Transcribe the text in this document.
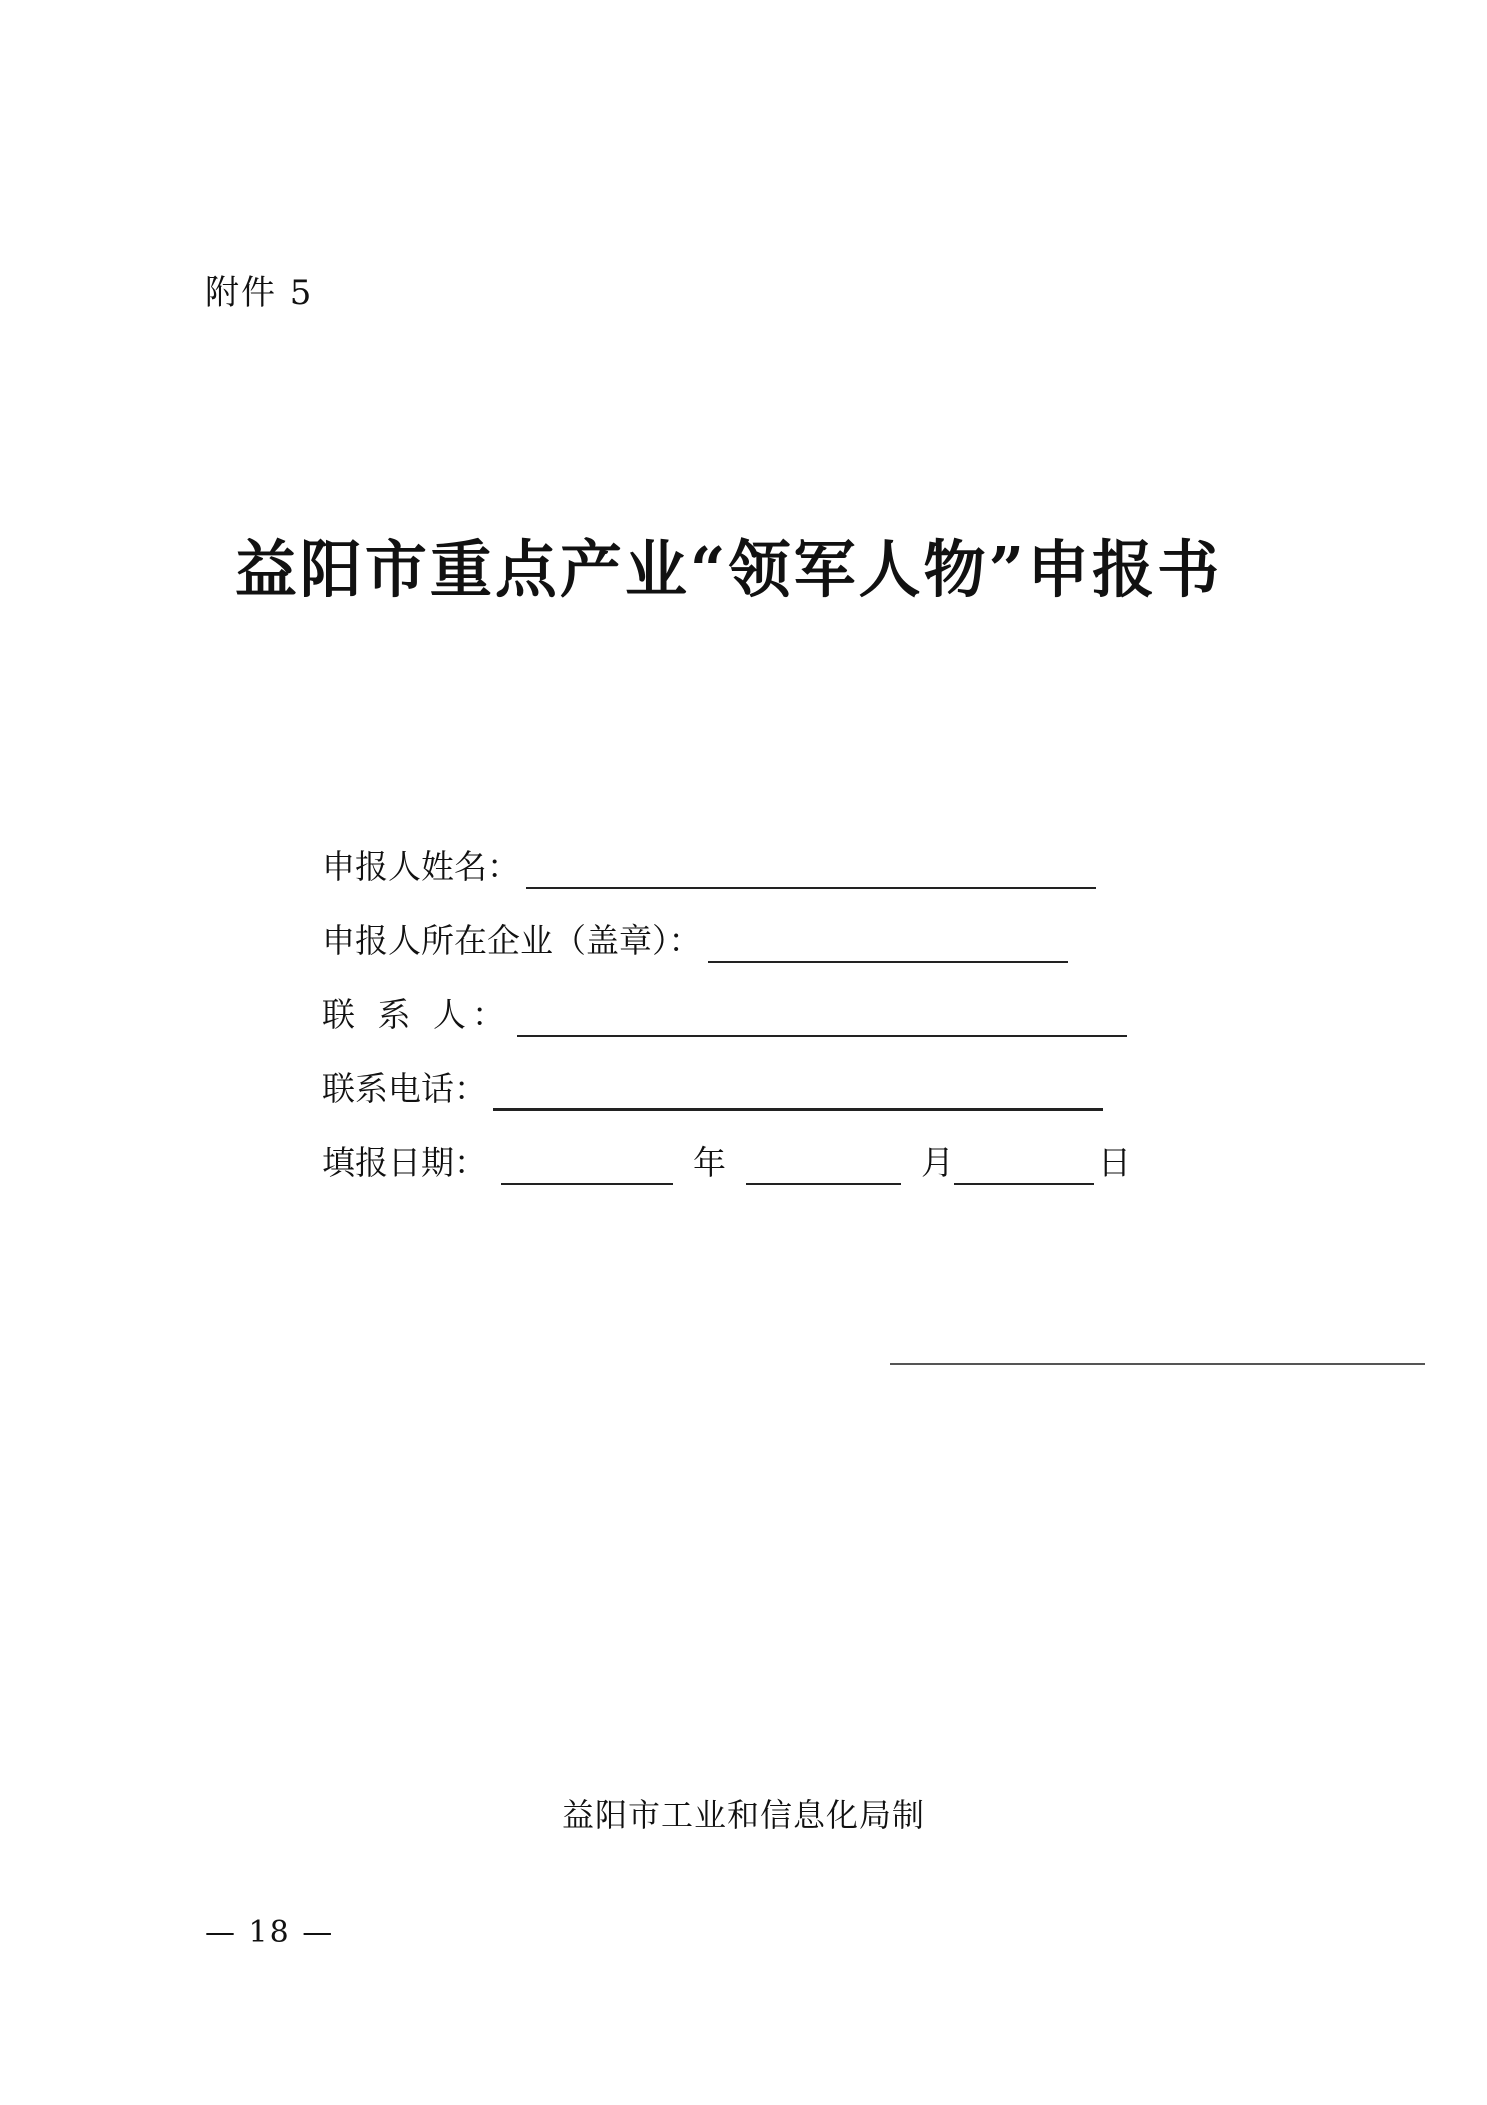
附件 5
益阳市重点产业“领军人物”申报书
申报人姓名：
申报人所在企业（盖章）：
联 系 人：
联系电话：
填报日期：	年	月	日
益阳市工业和信息化局制
— 18 —
